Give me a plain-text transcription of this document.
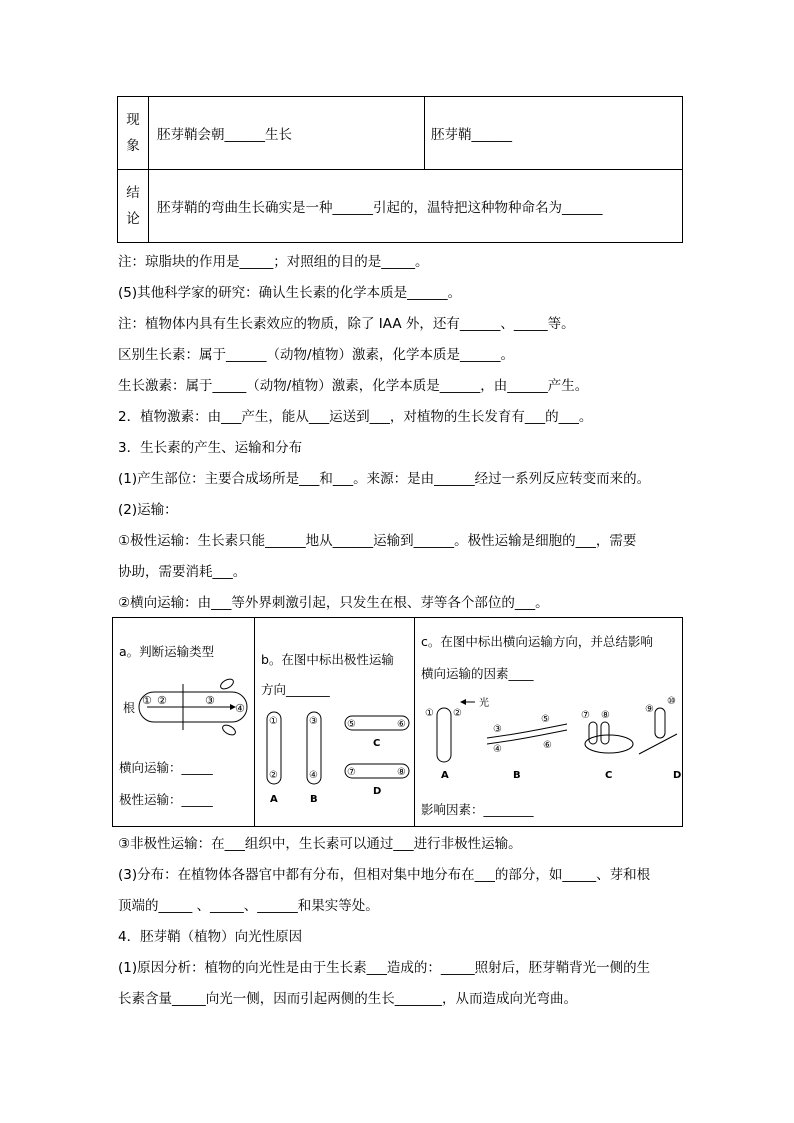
现
象	胚芽鞘会朝______生长	胚芽鞘______

结
论	胚芽鞘的弯曲生长确实是一种______引起的，温特把这种物种命名为______	
注：琼脂块的作用是_____；对照组的目的是_____。
(5)其他科学家的研究：确认生长素的化学本质是______。
注：植物体内具有生长素效应的物质，除了 IAA 外，还有______、_____等。
区别生长素：属于______（动物/植物）激素，化学本质是______。
生长激素：属于_____（动物/植物）激素，化学本质是______，由______产生。
2．植物激素：由___产生，能从___运送到___，对植物的生长发育有___的___。
3．生长素的产生、运输和分布
(1)产生部位：主要合成场所是___和___。来源：是由______经过一系列反应转变而来的。
(2)运输：
①极性运输：生长素只能______地从______运输到______。极性运输是细胞的___，需要
协助，需要消耗___。
②横向运输：由___等外界刺激引起，只发生在根、芽等各个部位的___。
a。判断运输类型
根
① ②	③
④
横向运输：_____
极性运输：_____
b。在图中标出极性运输
方向_______
①
②
③
④
⑤	⑥
⑦	⑧
A	B
C
D
c。在图中标出横向运输方向，并总结影响
横向运输的因素____
① ②
光
③
④
⑤
⑥
⑦ ⑧
⑨
⑩
A	B	C	D
影响因素：________
③非极性运输：在___组织中，生长素可以通过___进行非极性运输。
(3)分布：在植物体各器官中都有分布，但相对集中地分布在___的部分，如_____、芽和根
顶端的_____ 、_____、______和果实等处。
4．胚芽鞘（植物）向光性原因
(1)原因分析：植物的向光性是由于生长素___造成的：_____照射后，胚芽鞘背光一侧的生
长素含量_____向光一侧，因而引起两侧的生长_______，从而造成向光弯曲。
